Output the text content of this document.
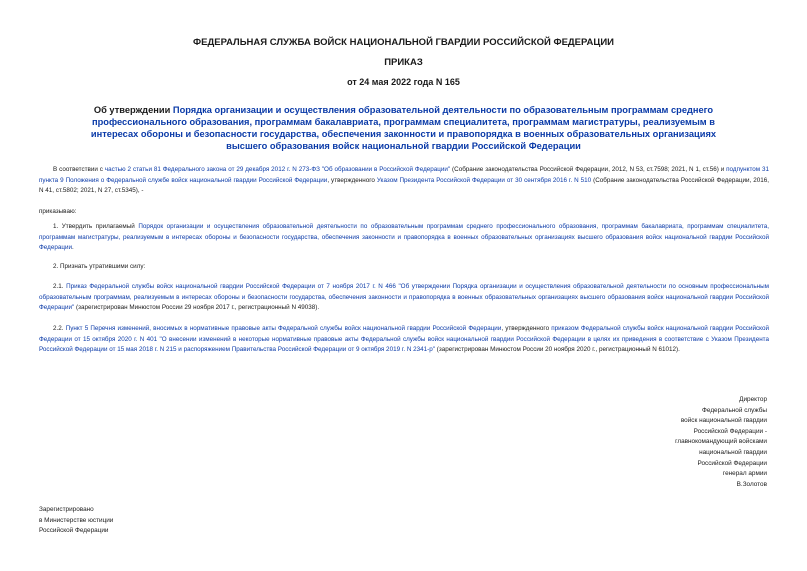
ФЕДЕРАЛЬНАЯ СЛУЖБА ВОЙСК НАЦИОНАЛЬНОЙ ГВАРДИИ РОССИЙСКОЙ ФЕДЕРАЦИИ
ПРИКАЗ
от 24 мая 2022 года N 165
Об утверждении Порядка организации и осуществления образовательной деятельности по образовательным программам среднего профессионального образования, программам бакалавриата, программам специалитета, программам магистратуры, реализуемым в интересах обороны и безопасности государства, обеспечения законности и правопорядка в военных образовательных организациях высшего образования войск национальной гвардии Российской Федерации
В соответствии с частью 2 статьи 81 Федерального закона от 29 декабря 2012 г. N 273-ФЗ "Об образовании в Российской Федерации" (Собрание законодательства Российской Федерации, 2012, N 53, ст.7598; 2021, N 1, ст.56) и подпунктом 31 пункта 9 Положения о Федеральной службе войск национальной гвардии Российской Федерации, утвержденного Указом Президента Российской Федерации от 30 сентября 2016 г. N 510 (Собрание законодательства Российской Федерации, 2016, N 41, ст.5802; 2021, N 27, ст.5345), -
приказываю:
1. Утвердить прилагаемый Порядок организации и осуществления образовательной деятельности по образовательным программам среднего профессионального образования, программам бакалавриата, программам специалитета, программам магистратуры, реализуемым в интересах обороны и безопасности государства, обеспечения законности и правопорядка в военных образовательных организациях высшего образования войск национальной гвардии Российской Федерации.
2. Признать утратившими силу:
2.1. Приказ Федеральной службы войск национальной гвардии Российской Федерации от 7 ноября 2017 г. N 466 "Об утверждении Порядка организации и осуществления образовательной деятельности по основным профессиональным образовательным программам, реализуемым в интересах обороны и безопасности государства, обеспечения законности и правопорядка в военных образовательных организациях высшего образования войск национальной гвардии Российской Федерации" (зарегистрирован Минюстом России 29 ноября 2017 г., регистрационный N 49038).
2.2. Пункт 5 Перечня изменений, вносимых в нормативные правовые акты Федеральной службы войск национальной гвардии Российской Федерации, утвержденного приказом Федеральной службы войск национальной гвардии Российской Федерации от 15 октября 2020 г. N 401 "О внесении изменений в некоторые нормативные правовые акты Федеральной службы войск национальной гвардии Российской Федерации в целях их приведения в соответствие с Указом Президента Российской Федерации от 15 мая 2018 г. N 215 и распоряжением Правительства Российской Федерации от 9 октября 2019 г. N 2341-р" (зарегистрирован Минюстом России 20 ноября 2020 г., регистрационный N 61012).
Директор
Федеральной службы
войск национальной гвардии
Российской Федерации -
главнокомандующий войсками
национальной гвардии
Российской Федерации
генерал армии
В.Золотов
Зарегистрировано
в Министерстве юстиции
Российской Федерации
